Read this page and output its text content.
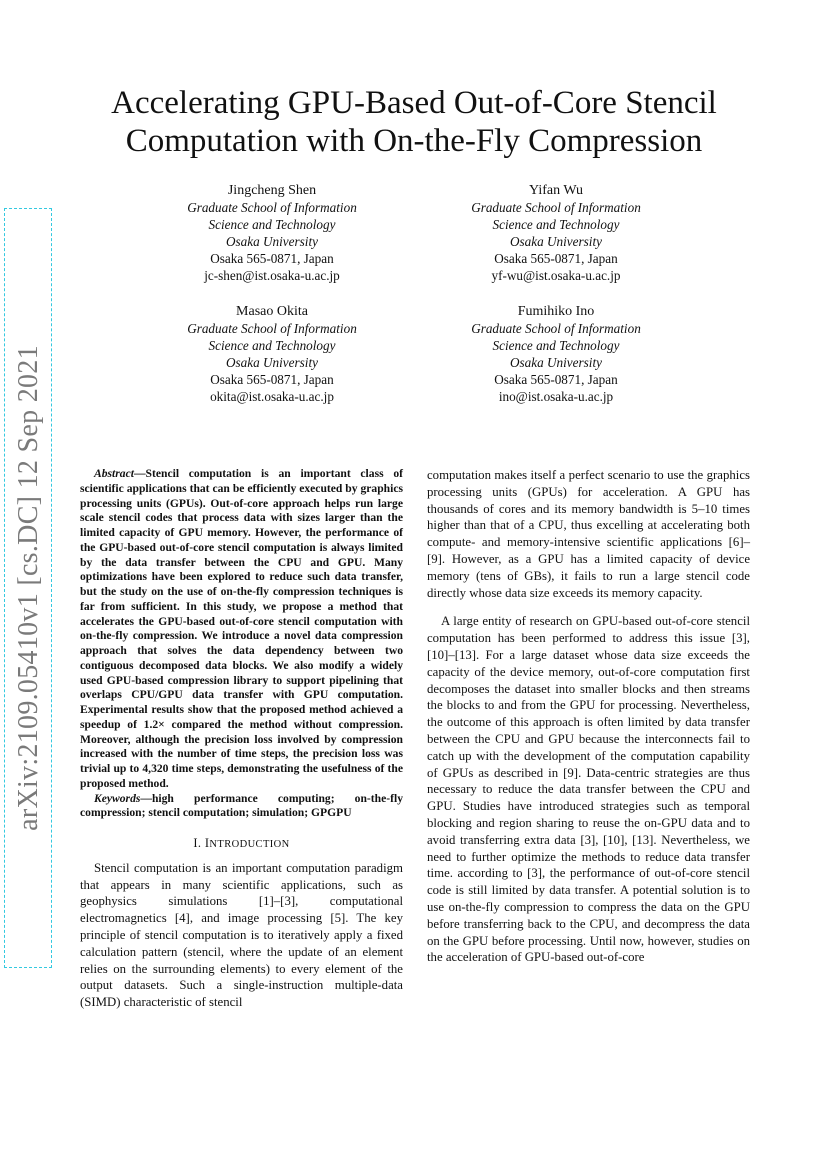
arXiv:2109.05410v1 [cs.DC] 12 Sep 2021
Accelerating GPU-Based Out-of-Core Stencil
Computation with On-the-Fly Compression
Jingcheng Shen
Graduate School of Information
Science and Technology
Osaka University
Osaka 565-0871, Japan
jc-shen@ist.osaka-u.ac.jp
Yifan Wu
Graduate School of Information
Science and Technology
Osaka University
Osaka 565-0871, Japan
yf-wu@ist.osaka-u.ac.jp
Masao Okita
Graduate School of Information
Science and Technology
Osaka University
Osaka 565-0871, Japan
okita@ist.osaka-u.ac.jp
Fumihiko Ino
Graduate School of Information
Science and Technology
Osaka University
Osaka 565-0871, Japan
ino@ist.osaka-u.ac.jp

Abstract—Stencil computation is an important class of scientific applications that can be efficiently executed by graphics processing units (GPUs). Out-of-core approach helps run large scale stencil codes that process data with sizes larger than the limited capacity of GPU memory. However, the performance of the GPU-based out-of-core stencil computation is always limited by the data transfer between the CPU and GPU. Many optimizations have been explored to reduce such data transfer, but the study on the use of on-the-fly compression techniques is far from sufficient. In this study, we propose a method that accelerates the GPU-based out-of-core stencil computation with on-the-fly compression. We introduce a novel data compression approach that solves the data dependency between two contiguous decomposed data blocks. We also modify a widely used GPU-based compression library to support pipelining that overlaps CPU/GPU data transfer with GPU computation. Experimental results show that the proposed method achieved a speedup of 1.2× compared the method without compression. Moreover, although the precision loss involved by compression increased with the number of time steps, the precision loss was trivial up to 4,320 time steps, demonstrating the usefulness of the proposed method.

Keywords—high performance computing; on-the-fly compression; stencil computation; simulation; GPGPU

I. INTRODUCTION

Stencil computation is an important computation paradigm that appears in many scientific applications, such as geophysics simulations [1]–[3], computational electromagnetics [4], and image processing [5]. The key principle of stencil computation is to iteratively apply a fixed calculation pattern (stencil, where the update of an element relies on the surrounding elements) to every element of the output datasets. Such a single-instruction multiple-data (SIMD) characteristic of stencil

computation makes itself a perfect scenario to use the graphics processing units (GPUs) for acceleration. A GPU has thousands of cores and its memory bandwidth is 5–10 times higher than that of a CPU, thus excelling at accelerating both compute- and memory-intensive scientific applications [6]–[9]. However, as a GPU has a limited capacity of device memory (tens of GBs), it fails to run a large stencil code directly whose data size exceeds its memory capacity.

A large entity of research on GPU-based out-of-core stencil computation has been performed to address this issue [3], [10]–[13]. For a large dataset whose data size exceeds the capacity of the device memory, out-of-core computation first decomposes the dataset into smaller blocks and then streams the blocks to and from the GPU for processing. Nevertheless, the outcome of this approach is often limited by data transfer between the CPU and GPU because the interconnects fail to catch up with the development of the computation capability of GPUs as described in [9]. Data-centric strategies are thus necessary to reduce the data transfer between the CPU and GPU. Studies have introduced strategies such as temporal blocking and region sharing to reuse the on-GPU data and to avoid transferring extra data [3], [10], [13]. Nevertheless, we need to further optimize the methods to reduce data transfer time. according to [3], the performance of out-of-core stencil code is still limited by data transfer. A potential solution is to use on-the-fly compression to compress the data on the GPU before transferring back to the CPU, and decompress the data on the GPU before processing. Until now, however, studies on the acceleration of GPU-based out-of-core
